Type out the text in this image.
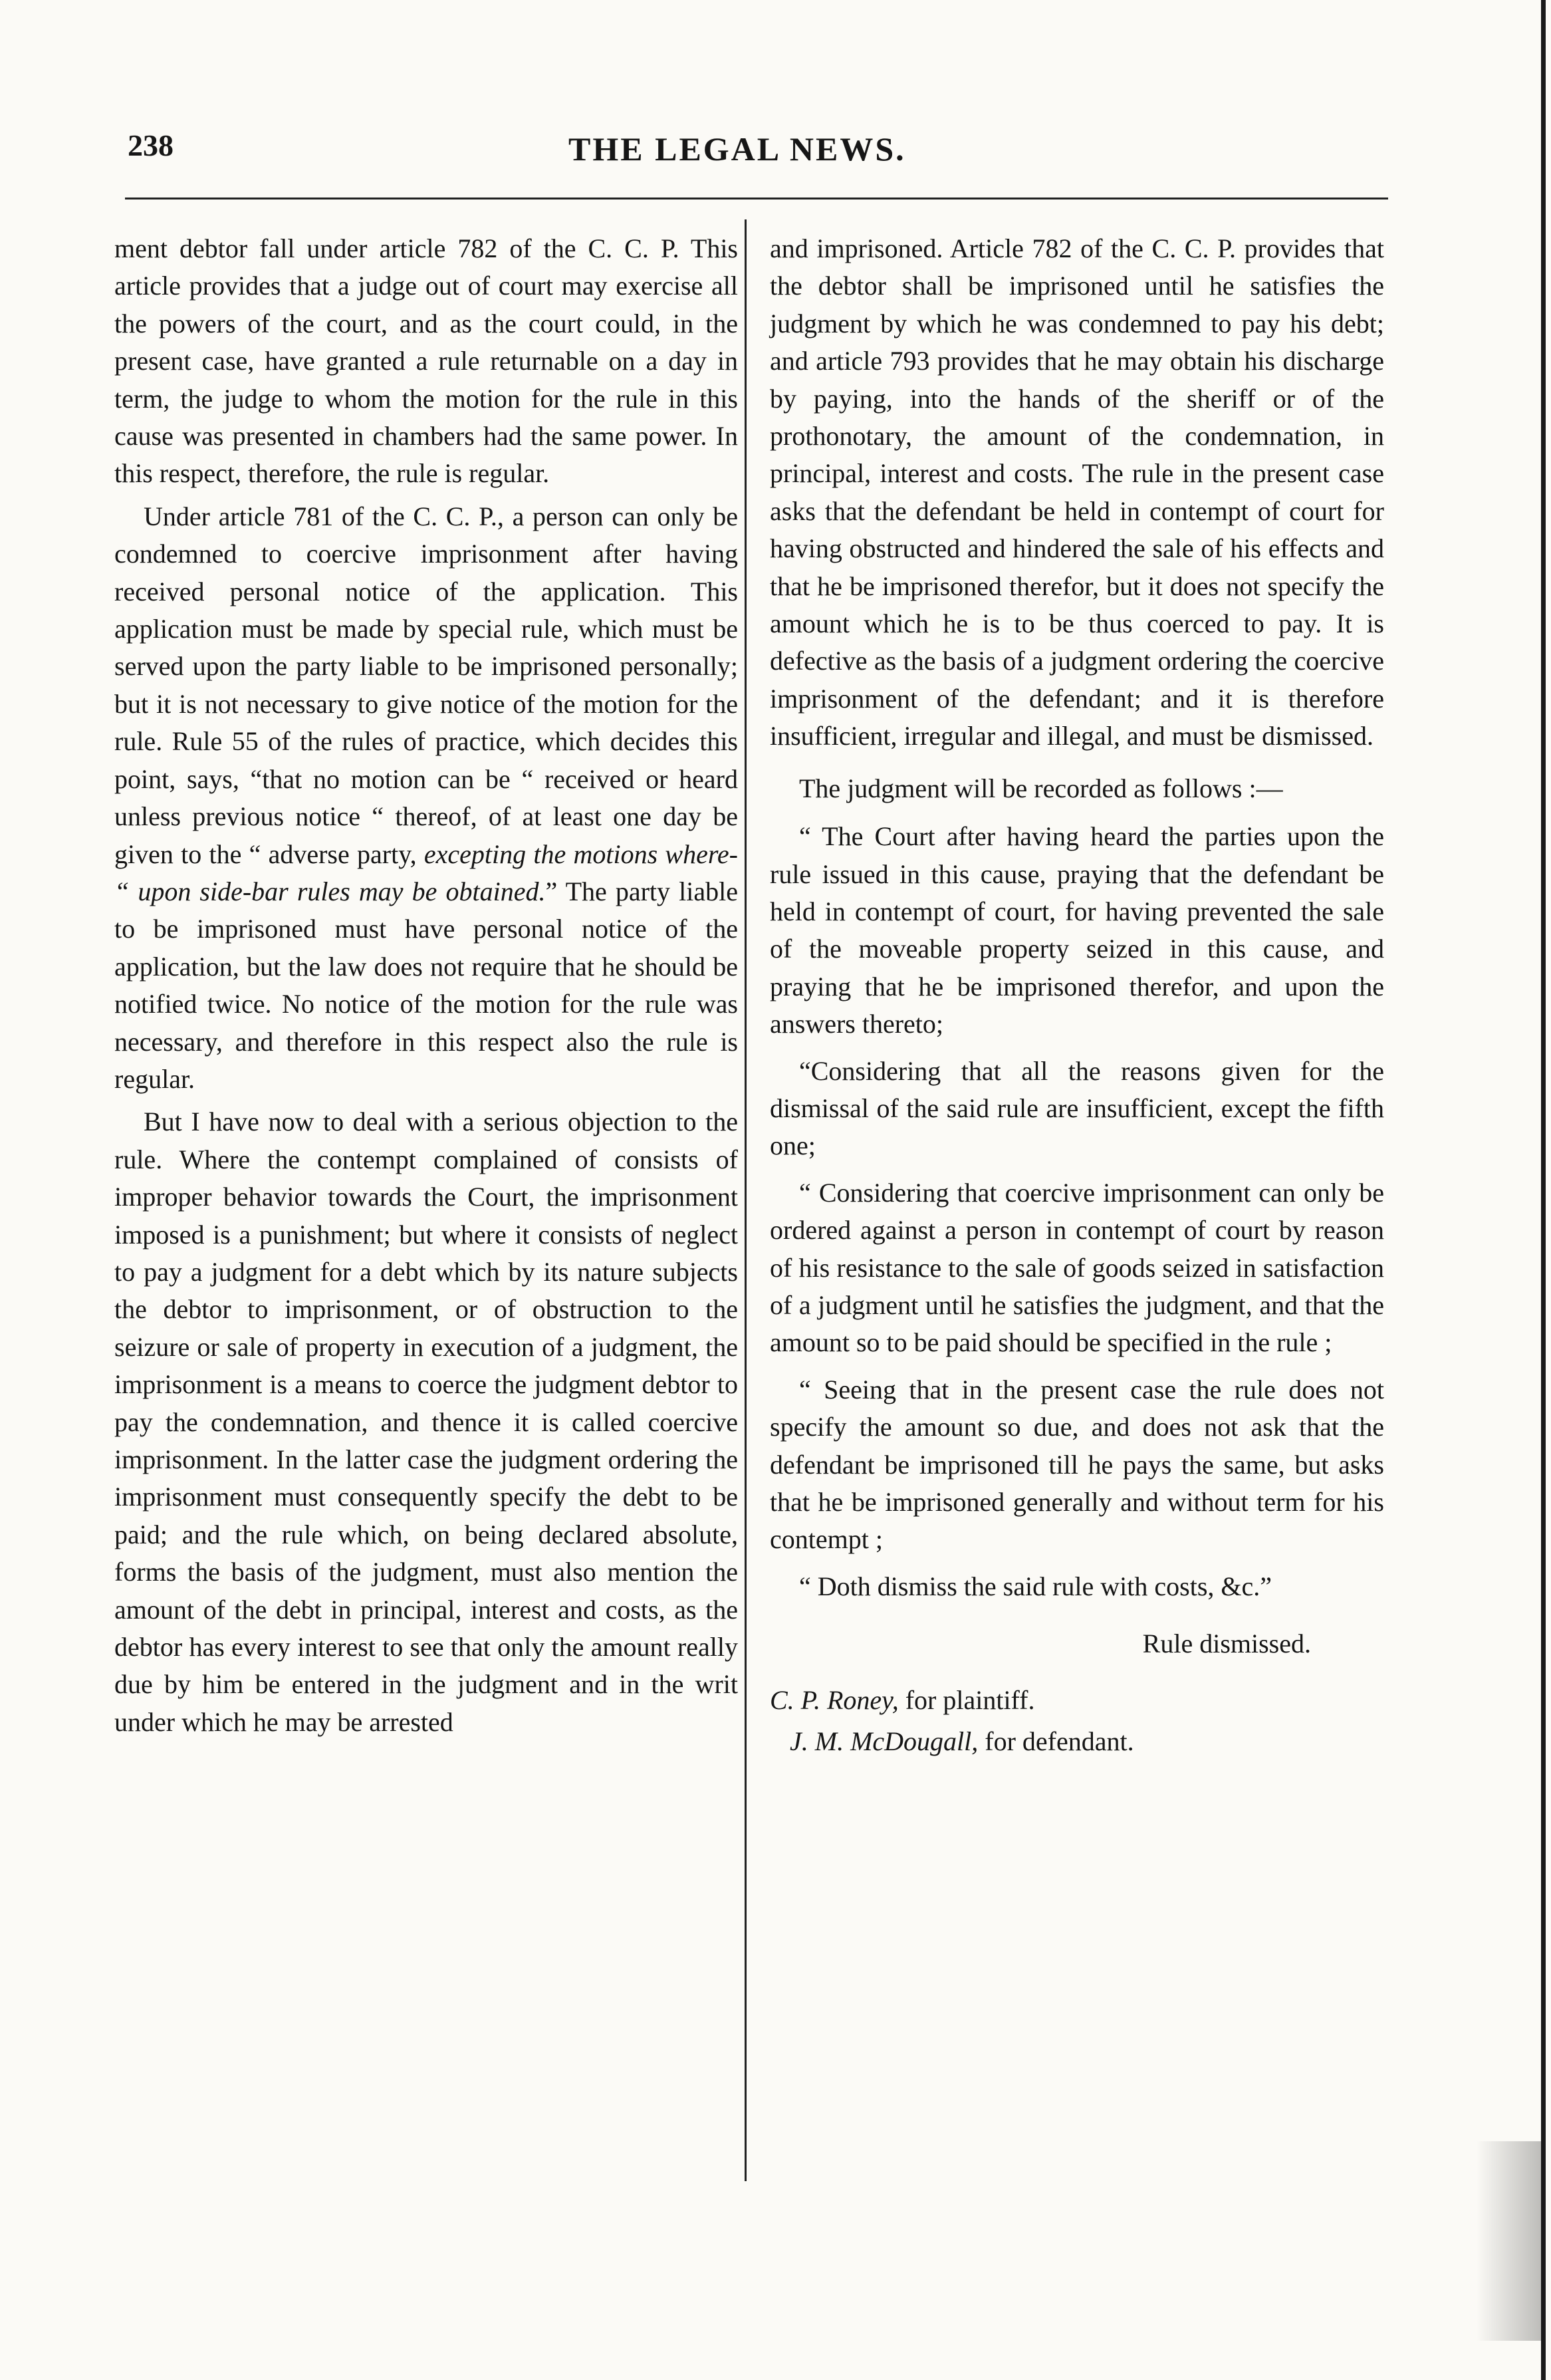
238	THE LEGAL NEWS.

ment debtor fall under article 782 of the C. C. P. This article provides that a judge out of court may exercise all the powers of the court, and as the court could, in the present case, have granted a rule returnable on a day in term, the judge to whom the motion for the rule in this cause was presented in chambers had the same power. In this respect, therefore, the rule is regular.

Under article 781 of the C. C. P., a person can only be condemned to coercive imprisonment after having received personal notice of the application. This application must be made by special rule, which must be served upon the party liable to be imprisoned personally; but it is not necessary to give notice of the motion for the rule. Rule 55 of the rules of practice, which decides this point, says, “that no motion can be “ received or heard unless previous notice “ thereof, of at least one day be given to the “ adverse party, excepting the motions where- “ upon side-bar rules may be obtained.” The party liable to be imprisoned must have personal notice of the application, but the law does not require that he should be notified twice. No notice of the motion for the rule was necessary, and therefore in this respect also the rule is regular.

But I have now to deal with a serious objection to the rule. Where the contempt complained of consists of improper behavior towards the Court, the imprisonment imposed is a punishment; but where it consists of neglect to pay a judgment for a debt which by its nature subjects the debtor to imprisonment, or of obstruction to the seizure or sale of property in execution of a judgment, the imprisonment is a means to coerce the judgment debtor to pay the condemnation, and thence it is called coercive imprisonment. In the latter case the judgment ordering the imprisonment must consequently specify the debt to be paid; and the rule which, on being declared absolute, forms the basis of the judgment, must also mention the amount of the debt in principal, interest and costs, as the debtor has every interest to see that only the amount really due by him be entered in the judgment and in the writ under which he may be arrested

and imprisoned. Article 782 of the C. C. P. provides that the debtor shall be imprisoned until he satisfies the judgment by which he was condemned to pay his debt; and article 793 provides that he may obtain his discharge by paying, into the hands of the sheriff or of the prothonotary, the amount of the condemnation, in principal, interest and costs. The rule in the present case asks that the defendant be held in contempt of court for having obstructed and hindered the sale of his effects and that he be imprisoned therefor, but it does not specify the amount which he is to be thus coerced to pay. It is defective as the basis of a judgment ordering the coercive imprisonment of the defendant; and it is therefore insufficient, irregular and illegal, and must be dismissed.

The judgment will be recorded as follows :—

“ The Court after having heard the parties upon the rule issued in this cause, praying that the defendant be held in contempt of court, for having prevented the sale of the moveable property seized in this cause, and praying that he be imprisoned therefor, and upon the answers thereto;

“Considering that all the reasons given for the dismissal of the said rule are insufficient, except the fifth one;

“ Considering that coercive imprisonment can only be ordered against a person in contempt of court by reason of his resistance to the sale of goods seized in satisfaction of a judgment until he satisfies the judgment, and that the amount so to be paid should be specified in the rule ;

“ Seeing that in the present case the rule does not specify the amount so due, and does not ask that the defendant be imprisoned till he pays the same, but asks that he be imprisoned generally and without term for his contempt ;

“ Doth dismiss the said rule with costs, &c.”

Rule dismissed.

C. P. Roney, for plaintiff.

J. M. McDougall, for defendant.
